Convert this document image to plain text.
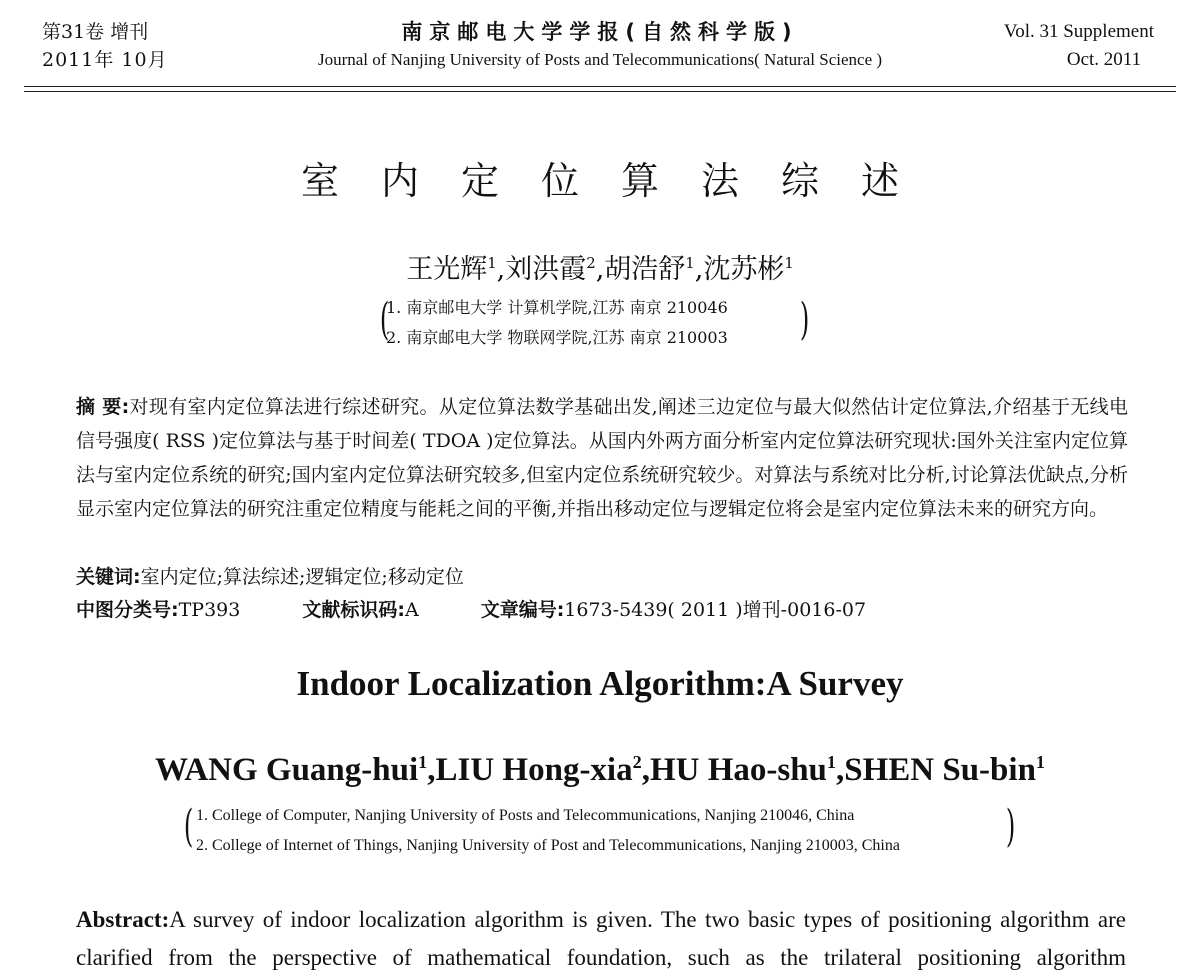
第31卷 增刊
2011年 10月
南京邮电大学学报(自然科学版)
Journal of Nanjing University of Posts and Telecommunications( Natural Science )
Vol. 31 Supplement
Oct. 2011
室内定位算法综述
王光辉$^1$,刘洪霞$^2$,胡浩舒$^1$,沈苏彬$^1$
(
1. 南京邮电大学 计算机学院,江苏 南京 210046
2. 南京邮电大学 物联网学院,江苏 南京 210003 )
摘 要:对现有室内定位算法进行综述研究。从定位算法数学基础出发,阐述三边定位与最大似然估计定位算法,介绍基于无线电信号强度( RSS )定位算法与基于时间差( TDOA )定位算法。从国内外两方面分析室内定位算法研究现状:国外关注室内定位算法与室内定位系统的研究;国内室内定位算法研究较多,但室内定位系统研究较少。对算法与系统对比分析,讨论算法优缺点,分析显示室内定位算法的研究注重定位精度与能耗之间的平衡,并指出移动定位与逻辑定位将会是室内定位算法未来的研究方向。
关键词:室内定位;算法综述;逻辑定位;移动定位
中图分类号:TP393	文献标识码:A	文章编号:1673-5439( 2011 )增刊-0016-07
Indoor Localization Algorithm:A Survey
WANG Guang-hui$^1$,LIU Hong-xia$^2$,HU Hao-shu$^1$,SHEN Su-bin$^1$
( 1. College of Computer, Nanjing University of Posts and Telecommunications, Nanjing 210046, China
2. College of Internet of Things, Nanjing University of Post and Telecommunications, Nanjing 210003, China )
Abstract:A survey of indoor localization algorithm is given. The two basic types of positioning algorithm are clarified from the perspective of mathematical foundation, such as the trilateral positioning algorithm
